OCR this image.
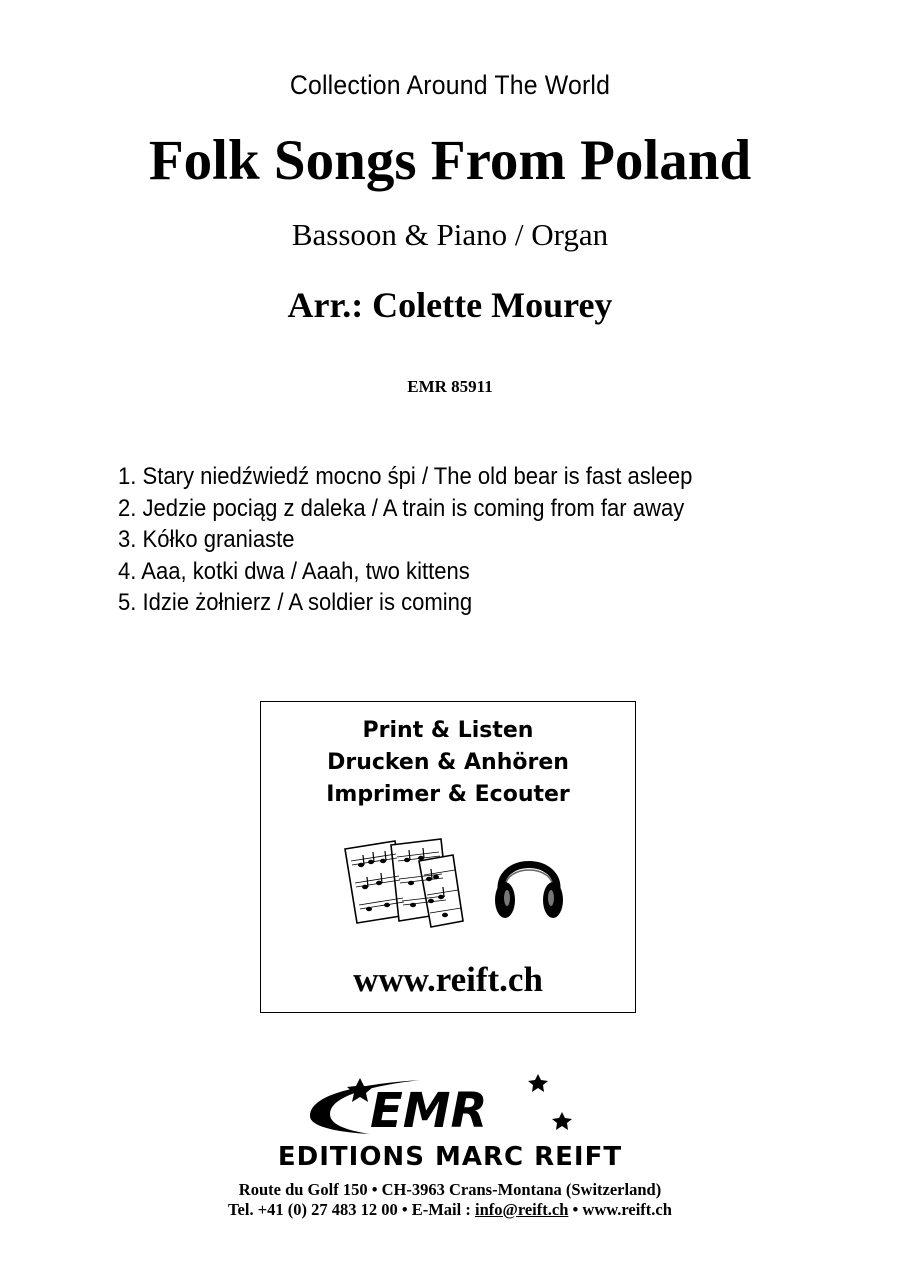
Collection Around The World
Folk Songs From Poland
Bassoon & Piano / Organ
Arr.: Colette Mourey
EMR 85911
1. Stary niedźwiedź mocno śpi / The old bear is fast asleep
2. Jedzie pociąg z daleka / A train is coming from far away
3. Kółko graniaste
4. Aaa, kotki dwa / Aaah, two kittens
5. Idzie żołnierz / A soldier is coming
Print & Listen
Drucken & Anhören
Imprimer & Ecouter
www.reift.ch
EMR
EDITIONS MARC REIFT
Route du Golf 150 • CH-3963 Crans-Montana (Switzerland)
Tel. +41 (0) 27 483 12 00 • E-Mail : info@reift.ch • www.reift.ch
